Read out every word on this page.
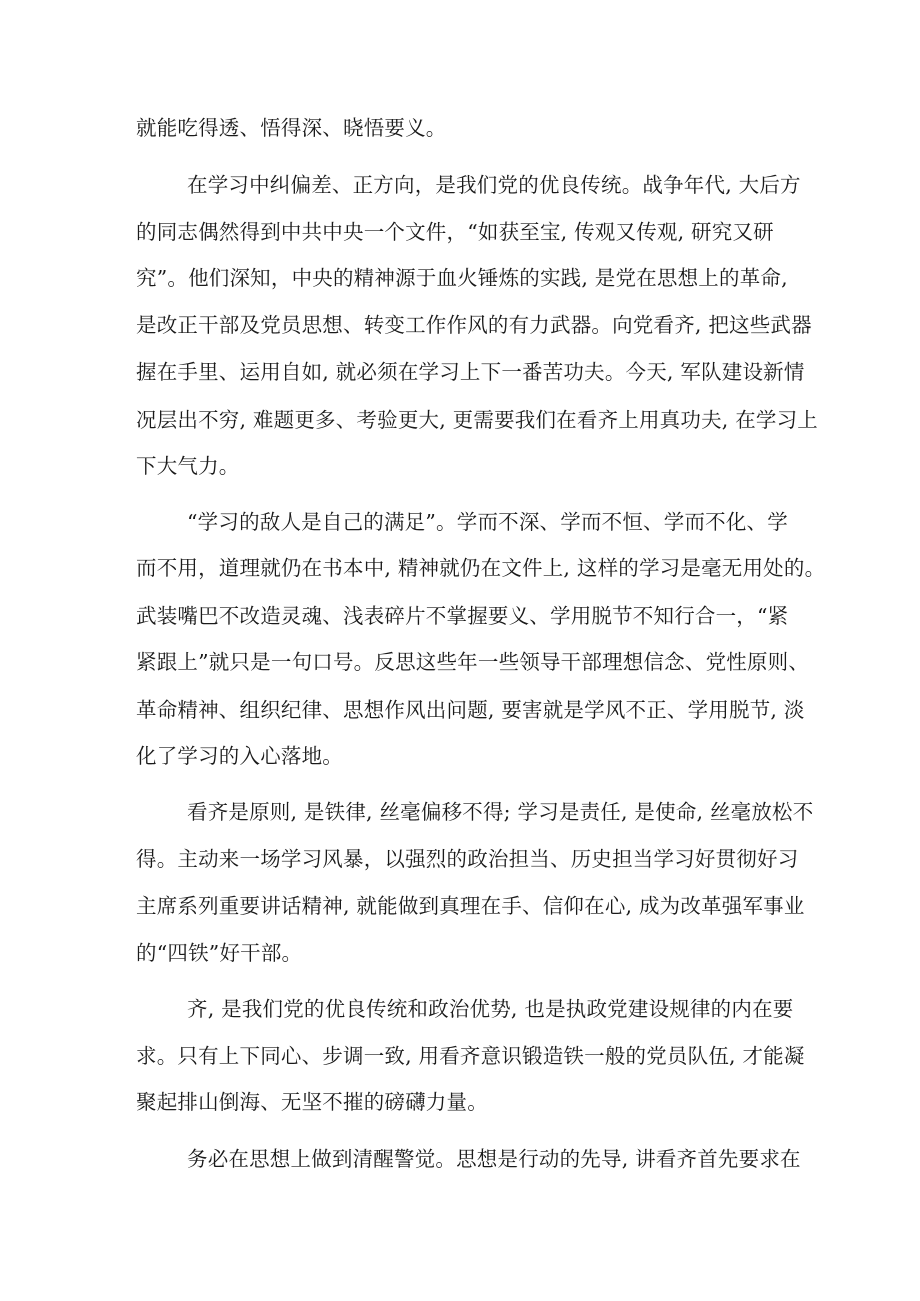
就能吃得透、悟得深、晓悟要义。

在学习中纠偏差、正方向，是我们党的优良传统。战争年代, 大后方

的同志偶然得到中共中央一个文件，“如获至宝, 传观又传观, 研究又研

究”。他们深知，中央的精神源于血火锤炼的实践, 是党在思想上的革命,

是改正干部及党员思想、转变工作作风的有力武器。向党看齐, 把这些武器

握在手里、运用自如, 就必须在学习上下一番苦功夫。今天, 军队建设新情

况层出不穷, 难题更多、考验更大, 更需要我们在看齐上用真功夫, 在学习上

下大气力。

“学习的敌人是自己的满足”。学而不深、学而不恒、学而不化、学

而不用，道理就仍在书本中, 精神就仍在文件上, 这样的学习是毫无用处的。

武装嘴巴不改造灵魂、浅表碎片不掌握要义、学用脱节不知行合一，“紧

紧跟上”就只是一句口号。反思这些年一些领导干部理想信念、党性原则、

革命精神、组织纪律、思想作风出问题, 要害就是学风不正、学用脱节, 淡

化了学习的入心落地。

看齐是原则, 是铁律, 丝毫偏移不得; 学习是责任, 是使命, 丝毫放松不

得。主动来一场学习风暴，以强烈的政治担当、历史担当学习好贯彻好习

主席系列重要讲话精神, 就能做到真理在手、信仰在心, 成为改革强军事业

的“四铁”好干部。

齐, 是我们党的优良传统和政治优势, 也是执政党建设规律的内在要

求。只有上下同心、步调一致, 用看齐意识锻造铁一般的党员队伍, 才能凝

聚起排山倒海、无坚不摧的磅礴力量。

务必在思想上做到清醒警觉。思想是行动的先导, 讲看齐首先要求在
